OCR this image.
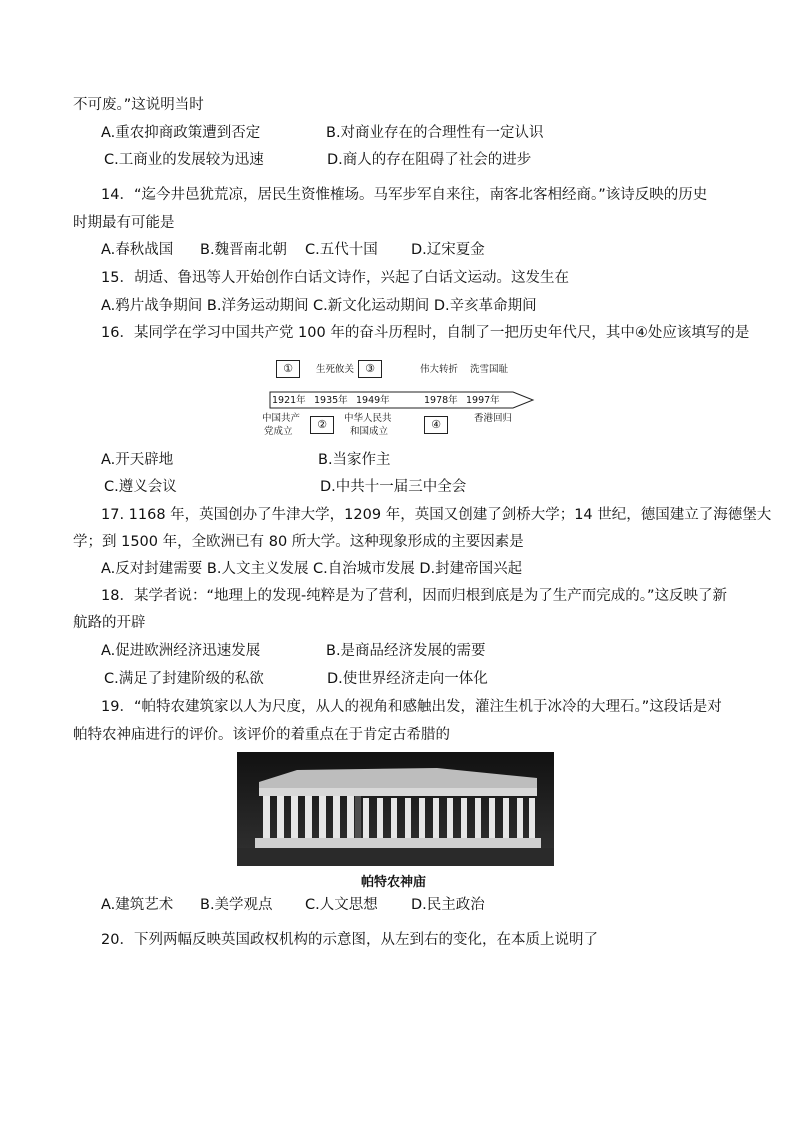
不可废。”这说明当时
A.重农抑商政策遭到否定	B.对商业存在的合理性有一定认识
C.工商业的发展较为迅速	D.商人的存在阻碍了社会的进步
14．“迄今井邑犹荒凉，居民生资惟榷场。马军步军自来往，南客北客相经商。”该诗反映的历史
时期最有可能是
A.春秋战国 B.魏晋南北朝 C.五代十国 D.辽宋夏金
15．胡适、鲁迅等人开始创作白话文诗作，兴起了白话文运动。这发生在
A.鸦片战争期间 B.洋务运动期间 C.新文化运动期间 D.辛亥革命期间
16．某同学在学习中国共产党 100 年的奋斗历程时，自制了一把历史年代尺，其中④处应该填写的是
①	生死攸关	③	伟大转折 洗雪国耻
1921年 1935年 1949年	1978年 1997年
中国共产
党成立
②	中华人民共
和国成立
④	香港回归
A.开天辟地	B.当家作主
C.遵义会议	D.中共十一届三中全会
17. 1168 年，英国创办了牛津大学，1209 年，英国又创建了剑桥大学；14 世纪，德国建立了海德堡大
学；到 1500 年，全欧洲已有 80 所大学。这种现象形成的主要因素是
A.反对封建需要 B.人文主义发展 C.自治城市发展 D.封建帝国兴起
18．某学者说：“地理上的发现-纯粹是为了营利，因而归根到底是为了生产而完成的。”这反映了新
航路的开辟
A.促进欧洲经济迅速发展	B.是商品经济发展的需要
C.满足了封建阶级的私欲	D.使世界经济走向一体化
19．“帕特农建筑家以人为尺度，从人的视角和感触出发，灌注生机于冰冷的大理石。”这段话是对
帕特农神庙进行的评价。该评价的着重点在于肯定古希腊的
帕特农神庙
A.建筑艺术 B.美学观点 C.人文思想 D.民主政治
20．下列两幅反映英国政权机构的示意图，从左到右的变化，在本质上说明了
